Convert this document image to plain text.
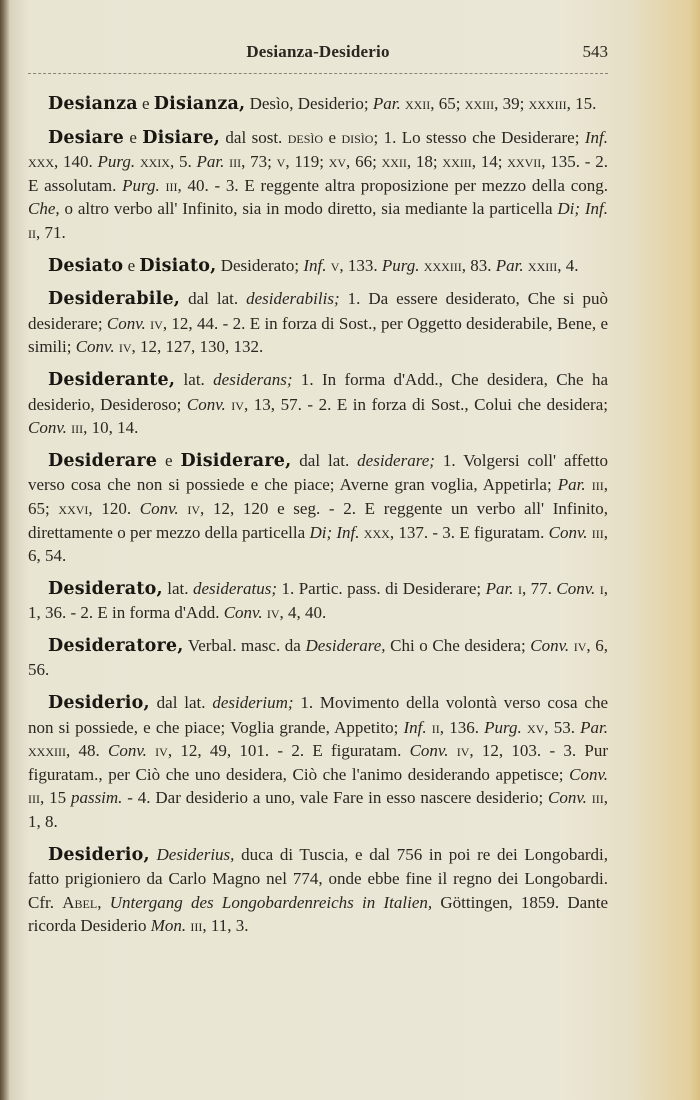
Desianza-Desiderio	543

Desianza e Disianza, Desìo, Desiderio; Par. xxii, 65; xxiii, 39; xxxiii, 15.

Desiare e Disiare, dal sost. desìo e disìo; 1. Lo stesso che Desiderare; Inf. xxx, 140. Purg. xxix, 5. Par. iii, 73; v, 119; xv, 66; xxii, 18; xxiii, 14; xxvii, 135. - 2. E assolutam. Purg. iii, 40. - 3. E reggente altra proposizione per mezzo della cong. Che, o altro verbo all' Infinito, sia in modo diretto, sia mediante la particella Di; Inf. ii, 71.

Desiato e Disiato, Desiderato; Inf. v, 133. Purg. xxxiii, 83. Par. xxiii, 4.

Desiderabile, dal lat. desiderabilis; 1. Da essere desiderato, Che si può desiderare; Conv. iv, 12, 44. - 2. E in forza di Sost., per Oggetto desiderabile, Bene, e simili; Conv. iv, 12, 127, 130, 132.

Desiderante, lat. desiderans; 1. In forma d'Add., Che desidera, Che ha desiderio, Desideroso; Conv. iv, 13, 57. - 2. E in forza di Sost., Colui che desidera; Conv. iii, 10, 14.

Desiderare e Disiderare, dal lat. desiderare; 1. Volgersi coll' affetto verso cosa che non si possiede e che piace; Averne gran voglia, Appetirla; Par. iii, 65; xxvi, 120. Conv. iv, 12, 120 e seg. - 2. E reggente un verbo all' Infinito, direttamente o per mezzo della particella Di; Inf. xxx, 137. - 3. E figuratam. Conv. iii, 6, 54.

Desiderato, lat. desideratus; 1. Partic. pass. di Desiderare; Par. i, 77. Conv. i, 1, 36. - 2. E in forma d'Add. Conv. iv, 4, 40.

Desideratore, Verbal. masc. da Desiderare, Chi o Che desidera; Conv. iv, 6, 56.

Desiderio, dal lat. desiderium; 1. Movimento della volontà verso cosa che non si possiede, e che piace; Voglia grande, Appetito; Inf. ii, 136. Purg. xv, 53. Par. xxxiii, 48. Conv. iv, 12, 49, 101. - 2. E figuratam. Conv. iv, 12, 103. - 3. Pur figuratam., per Ciò che uno desidera, Ciò che l'animo desiderando appetisce; Conv. iii, 15 passim. - 4. Dar desiderio a uno, vale Fare in esso nascere desiderio; Conv. iii, 1, 8.

Desiderio, Desiderius, duca di Tuscia, e dal 756 in poi re dei Longobardi, fatto prigioniero da Carlo Magno nel 774, onde ebbe fine il regno dei Longobardi. Cfr. Abel, Untergang des Longobardenreichs in Italien, Göttingen, 1859. Dante ricorda Desiderio Mon. iii, 11, 3.
